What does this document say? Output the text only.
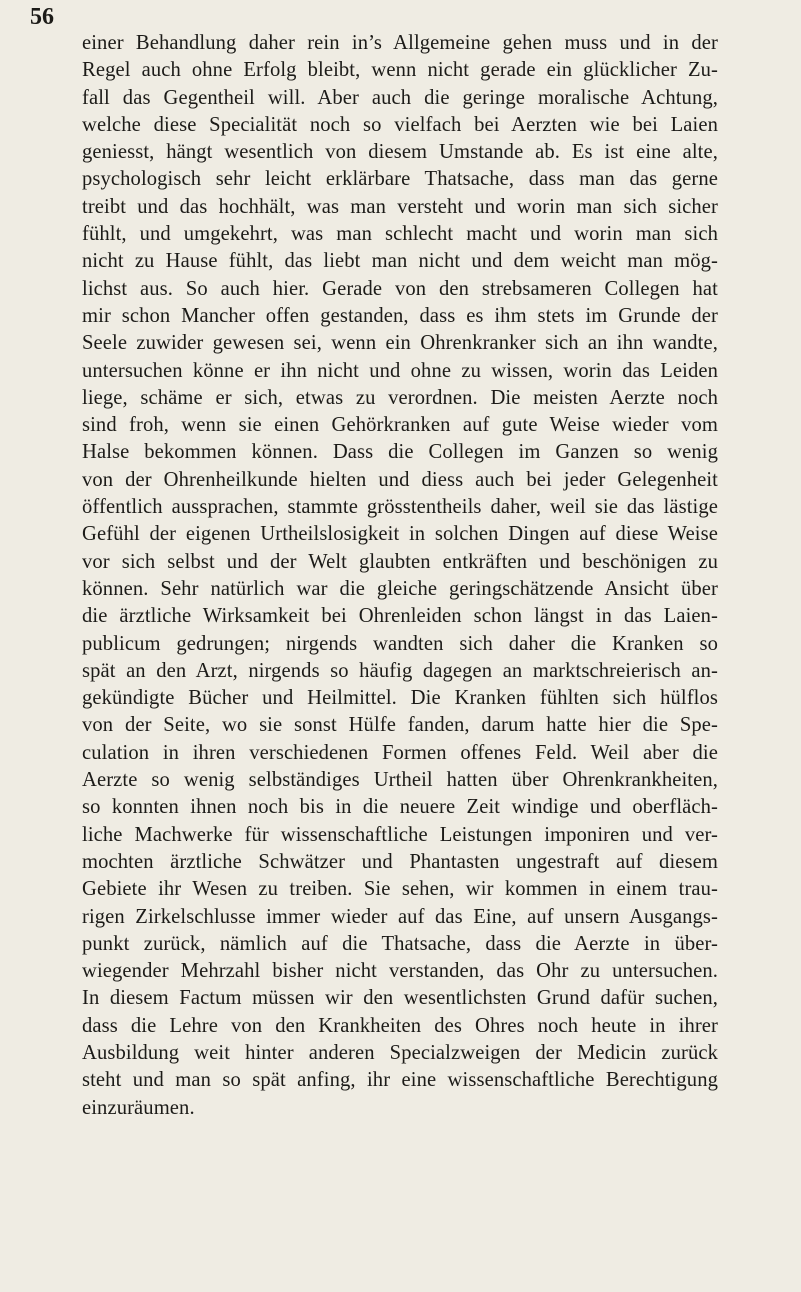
56

einer Behandlung daher rein in’s Allgemeine gehen muss und in der
Regel auch ohne Erfolg bleibt, wenn nicht gerade ein glücklicher Zu-
fall das Gegentheil will. Aber auch die geringe moralische Achtung,
welche diese Specialität noch so vielfach bei Aerzten wie bei Laien
geniesst, hängt wesentlich von diesem Umstande ab. Es ist eine alte,
psychologisch sehr leicht erklärbare Thatsache, dass man das gerne
treibt und das hochhält, was man versteht und worin man sich sicher
fühlt, und umgekehrt, was man schlecht macht und worin man sich
nicht zu Hause fühlt, das liebt man nicht und dem weicht man mög-
lichst aus. So auch hier. Gerade von den strebsameren Collegen hat
mir schon Mancher offen gestanden, dass es ihm stets im Grunde der
Seele zuwider gewesen sei, wenn ein Ohrenkranker sich an ihn wandte,
untersuchen könne er ihn nicht und ohne zu wissen, worin das Leiden
liege, schäme er sich, etwas zu verordnen. Die meisten Aerzte noch
sind froh, wenn sie einen Gehörkranken auf gute Weise wieder vom
Halse bekommen können. Dass die Collegen im Ganzen so wenig
von der Ohrenheilkunde hielten und diess auch bei jeder Gelegenheit
öffentlich aussprachen, stammte grösstentheils daher, weil sie das lästige
Gefühl der eigenen Urtheilslosigkeit in solchen Dingen auf diese Weise
vor sich selbst und der Welt glaubten entkräften und beschönigen zu
können. Sehr natürlich war die gleiche geringschätzende Ansicht über
die ärztliche Wirksamkeit bei Ohrenleiden schon längst in das Laien-
publicum gedrungen; nirgends wandten sich daher die Kranken so
spät an den Arzt, nirgends so häufig dagegen an marktschreierisch an-
gekündigte Bücher und Heilmittel. Die Kranken fühlten sich hülflos
von der Seite, wo sie sonst Hülfe fanden, darum hatte hier die Spe-
culation in ihren verschiedenen Formen offenes Feld. Weil aber die
Aerzte so wenig selbständiges Urtheil hatten über Ohrenkrankheiten,
so konnten ihnen noch bis in die neuere Zeit windige und oberfläch-
liche Machwerke für wissenschaftliche Leistungen imponiren und ver-
mochten ärztliche Schwätzer und Phantasten ungestraft auf diesem
Gebiete ihr Wesen zu treiben. Sie sehen, wir kommen in einem trau-
rigen Zirkelschlusse immer wieder auf das Eine, auf unsern Ausgangs-
punkt zurück, nämlich auf die Thatsache, dass die Aerzte in über-
wiegender Mehrzahl bisher nicht verstanden, das Ohr zu untersuchen.
In diesem Factum müssen wir den wesentlichsten Grund dafür suchen,
dass die Lehre von den Krankheiten des Ohres noch heute in ihrer
Ausbildung weit hinter anderen Specialzweigen der Medicin zurück
steht und man so spät anfing, ihr eine wissenschaftliche Berechtigung
einzuräumen.
